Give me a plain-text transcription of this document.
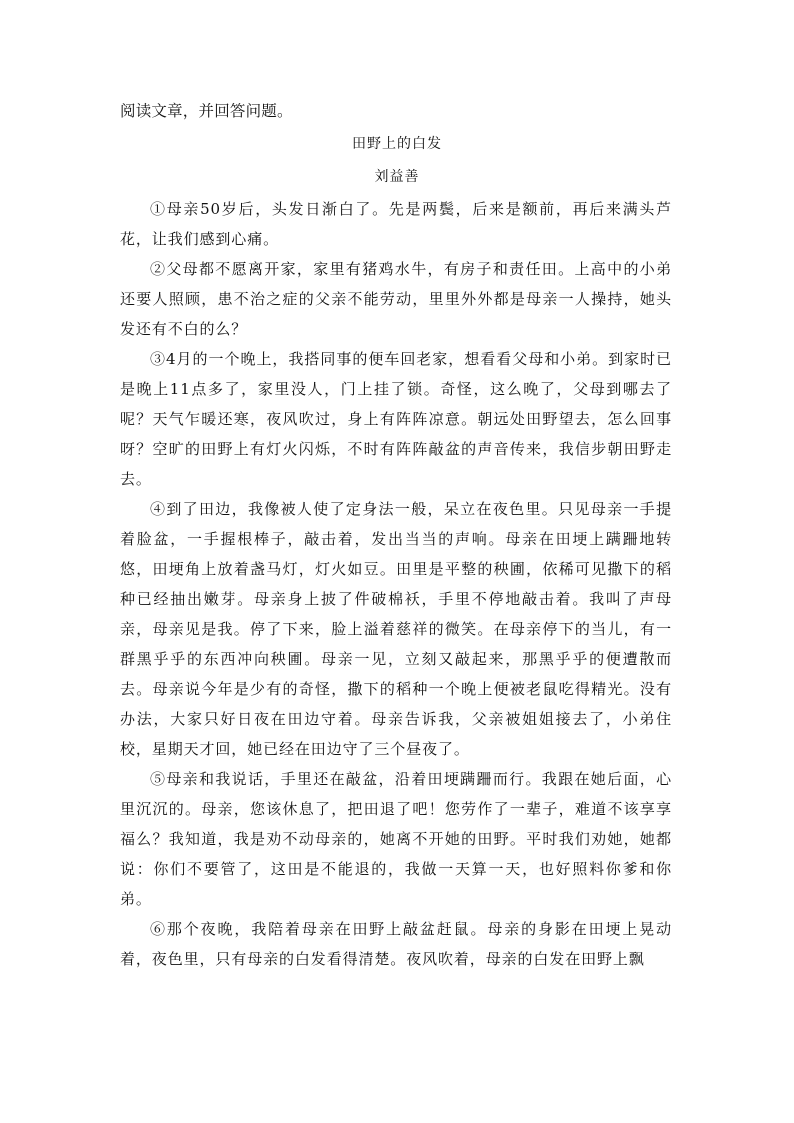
阅读文章，并回答问题。
田野上的白发
刘益善

①母亲50岁后，头发日渐白了。先是两鬓，后来是额前，再后来满头芦花，让我们感到心痛。

②父母都不愿离开家，家里有猪鸡水牛，有房子和责任田。上高中的小弟还要人照顾，患不治之症的父亲不能劳动，里里外外都是母亲一人操持，她头发还有不白的么？

③4月的一个晚上，我搭同事的便车回老家，想看看父母和小弟。到家时已是晚上11点多了，家里没人，门上挂了锁。奇怪，这么晚了，父母到哪去了呢？天气乍暖还寒，夜风吹过，身上有阵阵凉意。朝远处田野望去，怎么回事呀？空旷的田野上有灯火闪烁，不时有阵阵敲盆的声音传来，我信步朝田野走去。

④到了田边，我像被人使了定身法一般，呆立在夜色里。只见母亲一手提着脸盆，一手握根棒子，敲击着，发出当当的声响。母亲在田埂上蹒跚地转悠，田埂角上放着盏马灯，灯火如豆。田里是平整的秧圃，依稀可见撒下的稻种已经抽出嫩芽。母亲身上披了件破棉袄，手里不停地敲击着。我叫了声母亲，母亲见是我。停了下来，脸上溢着慈祥的微笑。在母亲停下的当儿，有一群黑乎乎的东西冲向秧圃。母亲一见，立刻又敲起来，那黑乎乎的便遭散而去。母亲说今年是少有的奇怪，撒下的稻种一个晚上便被老鼠吃得精光。没有办法，大家只好日夜在田边守着。母亲告诉我，父亲被姐姐接去了，小弟住校，星期天才回，她已经在田边守了三个昼夜了。

⑤母亲和我说话，手里还在敲盆，沿着田埂蹒跚而行。我跟在她后面，心里沉沉的。母亲，您该休息了，把田退了吧！您劳作了一辈子，难道不该享享福么？我知道，我是劝不动母亲的，她离不开她的田野。平时我们劝她，她都说：你们不要管了，这田是不能退的，我做一天算一天，也好照料你爹和你弟。

⑥那个夜晚，我陪着母亲在田野上敲盆赶鼠。母亲的身影在田埂上晃动着，夜色里，只有母亲的白发看得清楚。夜风吹着，母亲的白发在田野上飘
